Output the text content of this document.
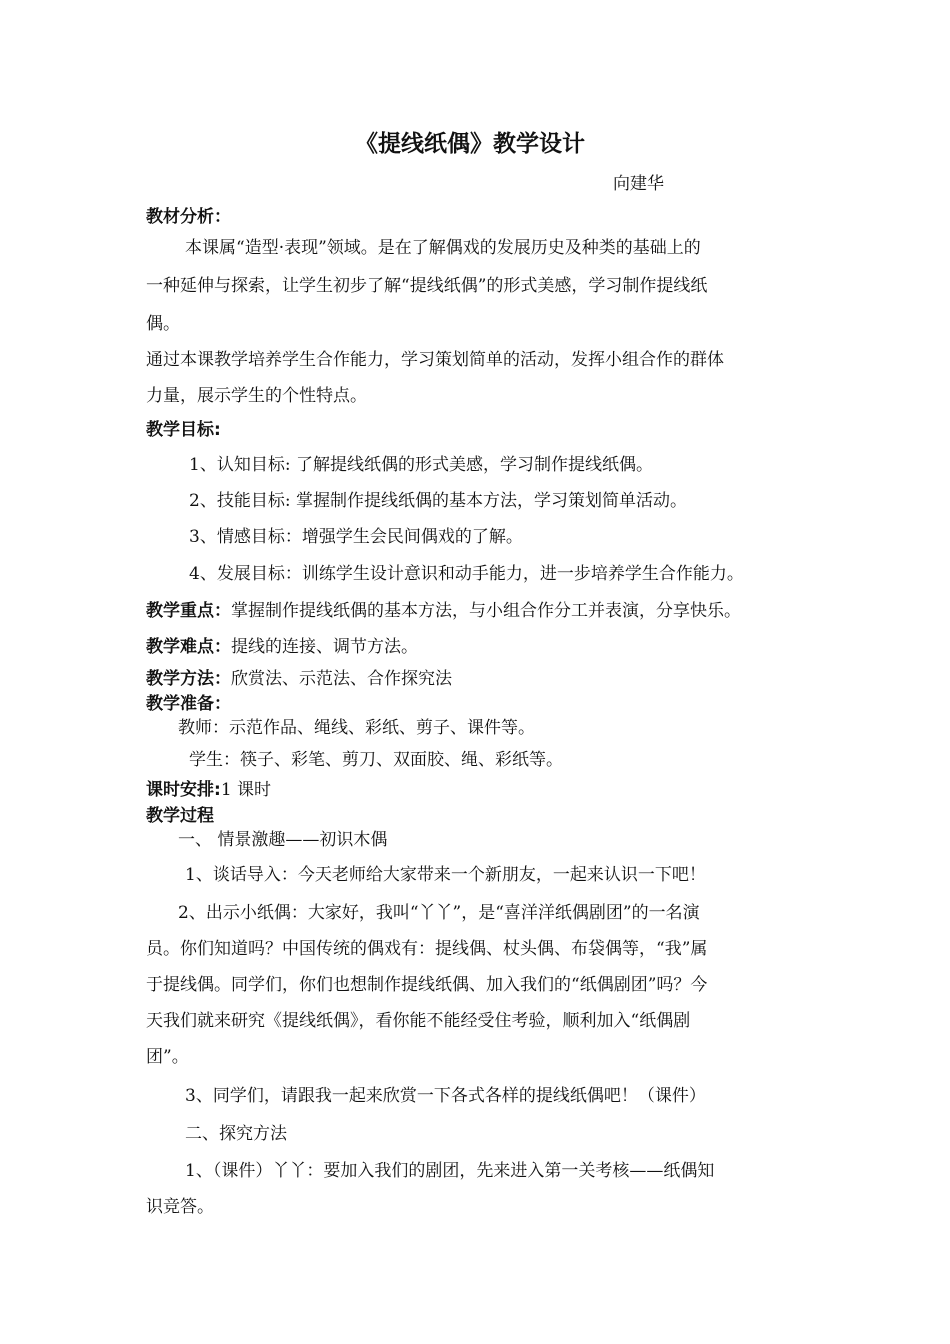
《提线纸偶》教学设计
向建华
教材分析：
本课属“造型·表现”领域。是在了解偶戏的发展历史及种类的基础上的
一种延伸与探索，让学生初步了解“提线纸偶”的形式美感，学习制作提线纸
偶。
通过本课教学培养学生合作能力，学习策划简单的活动，发挥小组合作的群体
力量，展示学生的个性特点。
教学目标:
1、认知目标: 了解提线纸偶的形式美感，学习制作提线纸偶。
2、技能目标: 掌握制作提线纸偶的基本方法，学习策划简单活动。
3、情感目标：增强学生会民间偶戏的了解。
4、发展目标：训练学生设计意识和动手能力，进一步培养学生合作能力。
教学重点：掌握制作提线纸偶的基本方法，与小组合作分工并表演，分享快乐。
教学难点：提线的连接、调节方法。
教学方法：欣赏法、示范法、合作探究法
教学准备：
教师：示范作品、绳线、彩纸、剪子、课件等。
学生：筷子、彩笔、剪刀、双面胶、绳、彩纸等。
课时安排:1 课时
教学过程
一、 情景激趣——初识木偶
1、谈话导入：今天老师给大家带来一个新朋友，一起来认识一下吧！
2、出示小纸偶：大家好，我叫“丫丫”，是“喜洋洋纸偶剧团”的一名演
员。你们知道吗？中国传统的偶戏有：提线偶、杖头偶、布袋偶等，“我”属
于提线偶。同学们，你们也想制作提线纸偶、加入我们的“纸偶剧团”吗？今
天我们就来研究《提线纸偶》，看你能不能经受住考验，顺利加入“纸偶剧
团”。
3、同学们，请跟我一起来欣赏一下各式各样的提线纸偶吧！（课件）
二、探究方法
1、（课件）丫丫：要加入我们的剧团，先来进入第一关考核——纸偶知
识竞答。
